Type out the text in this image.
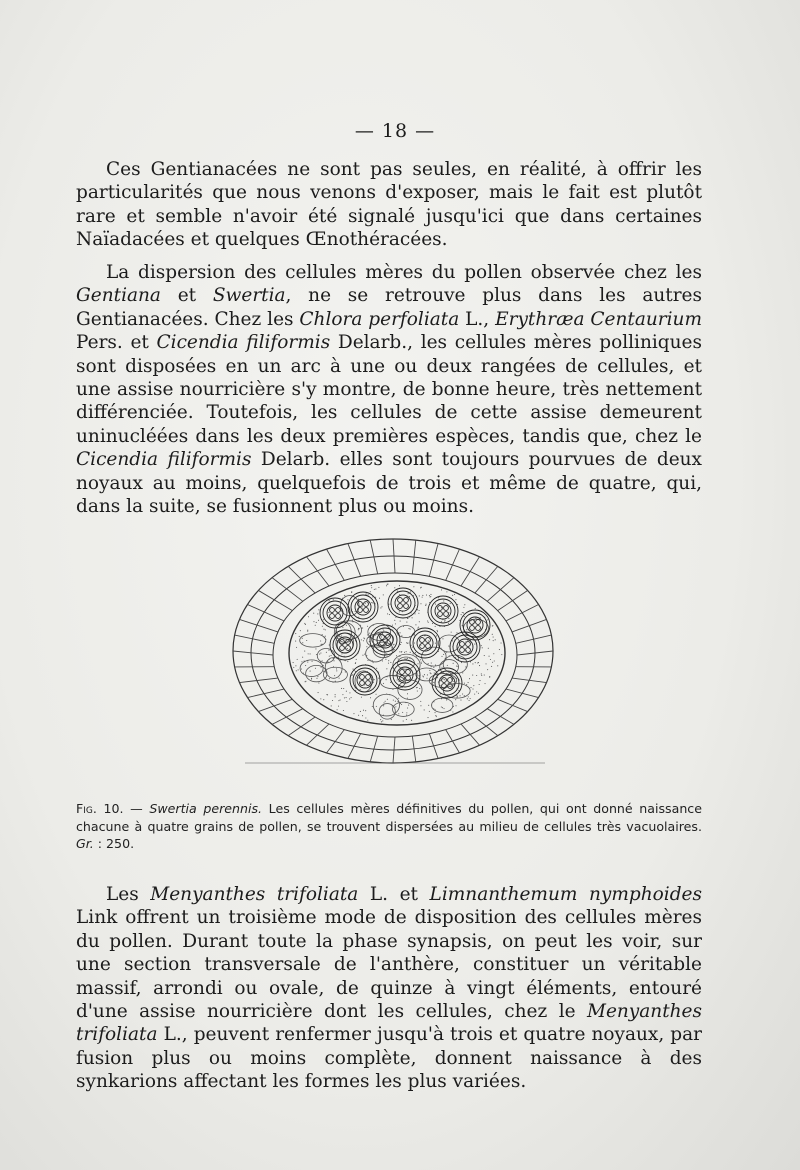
— 18 —

Ces Gentianacées ne sont pas seules, en réalité, à offrir les particularités que nous venons d'exposer, mais le fait est plutôt rare et semble n'avoir été signalé jusqu'ici que dans certaines Naïadacées et quelques Œnothéracées.

La dispersion des cellules mères du pollen observée chez les Gentiana et Swertia, ne se retrouve plus dans les autres Gentianacées. Chez les Chlora perfoliata L., Erythræa Centaurium Pers. et Cicendia filiformis Delarb., les cellules mères polliniques sont disposées en un arc à une ou deux rangées de cellules, et une assise nourricière s'y montre, de bonne heure, très nettement différenciée. Toutefois, les cellules de cette assise demeurent uninucléées dans les deux premières espèces, tandis que, chez le Cicendia filiformis Delarb. elles sont toujours pourvues de deux noyaux au moins, quelquefois de trois et même de quatre, qui, dans la suite, se fusionnent plus ou moins.

Fig. 10. — Swertia perennis. Les cellules mères définitives du pollen, qui ont donné naissance chacune à quatre grains de pollen, se trouvent dispersées au milieu de cellules très vacuolaires. Gr. : 250.

Les Menyanthes trifoliata L. et Limnanthemum nymphoides Link offrent un troisième mode de disposition des cellules mères du pollen. Durant toute la phase synapsis, on peut les voir, sur une section transversale de l'anthère, constituer un véritable massif, arrondi ou ovale, de quinze à vingt éléments, entouré d'une assise nourricière dont les cellules, chez le Menyanthes trifoliata L., peuvent renfermer jusqu'à trois et quatre noyaux, par fusion plus ou moins complète, donnent naissance à des synkarions affectant les formes les plus variées.
